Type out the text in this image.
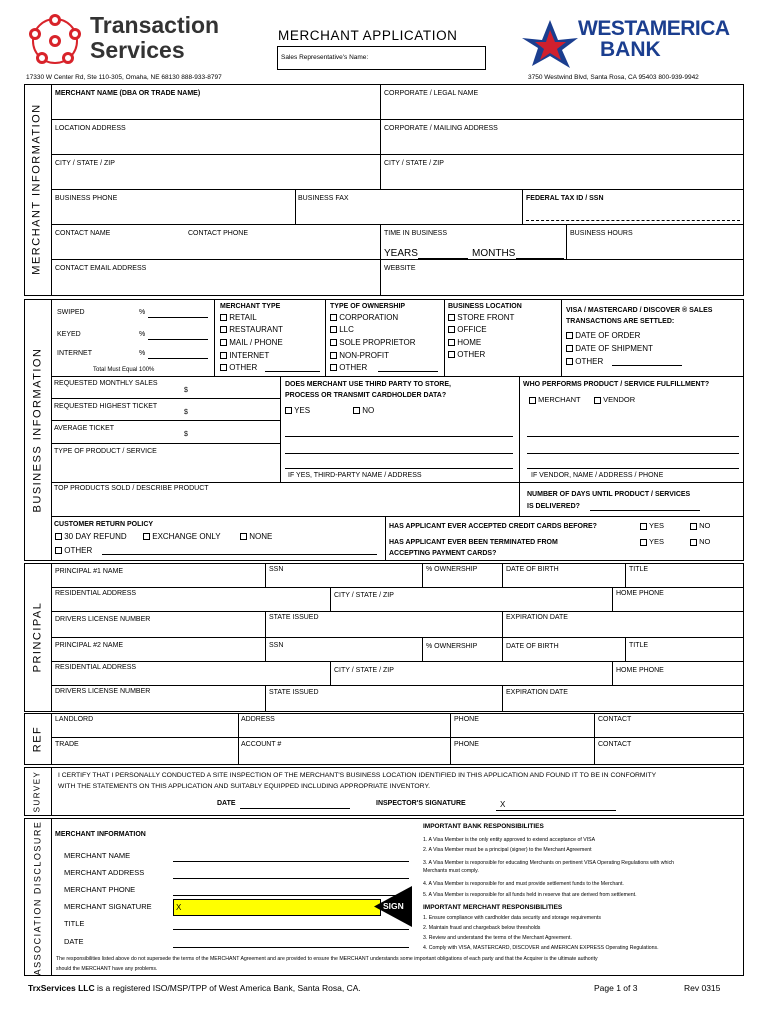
Transaction
Services
MERCHANT APPLICATION
Sales Representative's Name:
WESTAMERICA
BANK
17330 W Center Rd, Ste 110-305, Omaha, NE 68130 888-933-8797	3750 Westwind Blvd, Santa Rosa, CA 95403 800-939-9942
MERCHANT INFORMATION
BUSINESS INFORMATION
PRINCIPAL
REF
SURVEY
ASSOCIATION DISCLOSURE
MERCHANT NAME (DBA OR TRADE NAME)	CORPORATE / LEGAL NAME
LOCATION ADDRESS	CORPORATE / MAILING ADDRESS
CITY / STATE / ZIP	CITY / STATE / ZIP
BUSINESS PHONE	BUSINESS FAX	FEDERAL TAX ID / SSN
CONTACT NAME	CONTACT PHONE	TIME IN BUSINESS	BUSINESS HOURS
YEARS	MONTHS
CONTACT EMAIL ADDRESS	WEBSITE
SWIPED	%
KEYED	%
INTERNET	%
Total Must Equal 100%
MERCHANT TYPE
RETAIL
RESTAURANT
MAIL / PHONE
INTERNET
OTHER
TYPE OF OWNERSHIP
CORPORATION
LLC
SOLE PROPRIETOR
NON-PROFIT
OTHER
BUSINESS LOCATION
STORE FRONT
OFFICE
HOME
OTHER
VISA / MASTERCARD / DISCOVER ® SALES
TRANSACTIONS ARE SETTLED:
DATE OF ORDER
DATE OF SHIPMENT
OTHER
REQUESTED MONTHLY SALES
$
REQUESTED HIGHEST TICKET
$
AVERAGE TICKET
$
TYPE OF PRODUCT / SERVICE
DOES MERCHANT USE THIRD PARTY TO STORE,
PROCESS OR TRANSMIT CARDHOLDER DATA?
YES	NO
IF YES, THIRD-PARTY NAME / ADDRESS
WHO PERFORMS PRODUCT / SERVICE FULFILLMENT?
MERCHANT	VENDOR
IF VENDOR, NAME / ADDRESS / PHONE
TOP PRODUCTS SOLD / DESCRIBE PRODUCT
NUMBER OF DAYS UNTIL PRODUCT / SERVICES
IS DELIVERED?
CUSTOMER RETURN POLICY
30 DAY REFUND	EXCHANGE ONLY	NONE
OTHER
HAS APPLICANT EVER ACCEPTED CREDIT CARDS BEFORE?	YES	NO
HAS APPLICANT EVER BEEN TERMINATED FROM
ACCEPTING PAYMENT CARDS?
YES	NO
PRINCIPAL #1 NAME	SSN	% OWNERSHIP	DATE OF BIRTH	TITLE
RESIDENTIAL ADDRESS	CITY / STATE / ZIP	HOME PHONE
DRIVERS LICENSE NUMBER	STATE ISSUED	EXPIRATION DATE
PRINCIPAL #2 NAME	SSN	% OWNERSHIP	DATE OF BIRTH	TITLE
RESIDENTIAL ADDRESS	CITY / STATE / ZIP	HOME PHONE
DRIVERS LICENSE NUMBER	STATE ISSUED	EXPIRATION DATE
LANDLORD	ADDRESS	PHONE	CONTACT
TRADE	ACCOUNT #	PHONE	CONTACT
I CERTIFY THAT I PERSONALLY CONDUCTED A SITE INSPECTION OF THE MERCHANT'S BUSINESS LOCATION IDENTIFIED IN THIS APPLICATION AND FOUND IT TO BE IN CONFORMITY
WITH THE STATEMENTS ON THIS APPLICATION AND SUITABLY EQUIPPED INCLUDING APPROPRIATE INVENTORY.
DATE	INSPECTOR'S SIGNATURE	X
MERCHANT INFORMATION
MERCHANT NAME
MERCHANT ADDRESS
MERCHANT PHONE
MERCHANT SIGNATURE	X	SIGN
TITLE
DATE
IMPORTANT BANK RESPONSIBILITIES
1. A Visa Member is the only entity approved to extend acceptance of VISA
2. A Visa Member must be a principal (signer) to the Merchant Agreement
3. A Visa Member is responsible for educating Merchants on pertinent VISA Operating Regulations with which
Merchants must comply.
4. A Visa Member is responsible for and must provide settlement funds to the Merchant.
5. A Visa Member is responsible for all funds held in reserve that are derived from settlement.
IMPORTANT MERCHANT RESPONSIBILITIES
1. Ensure compliance with cardholder data security and storage requirements
2. Maintain fraud and chargeback below thresholds
3. Review and understand the terms of the Merchant Agreement.
4. Comply with VISA, MASTERCARD, DISCOVER and AMERICAN EXPRESS Operating Regulations.
The responsibilities listed above do not supersede the terms of the MERCHANT Agreement and are provided to ensure the MERCHANT understands some important obligations of each party and that the Acquirer is the ultimate authority
should the MERCHANT have any problems.
TrxServices LLC is a registered ISO/MSP/TPP of West America Bank, Santa Rosa, CA.	Page 1 of 3	Rev 0315
